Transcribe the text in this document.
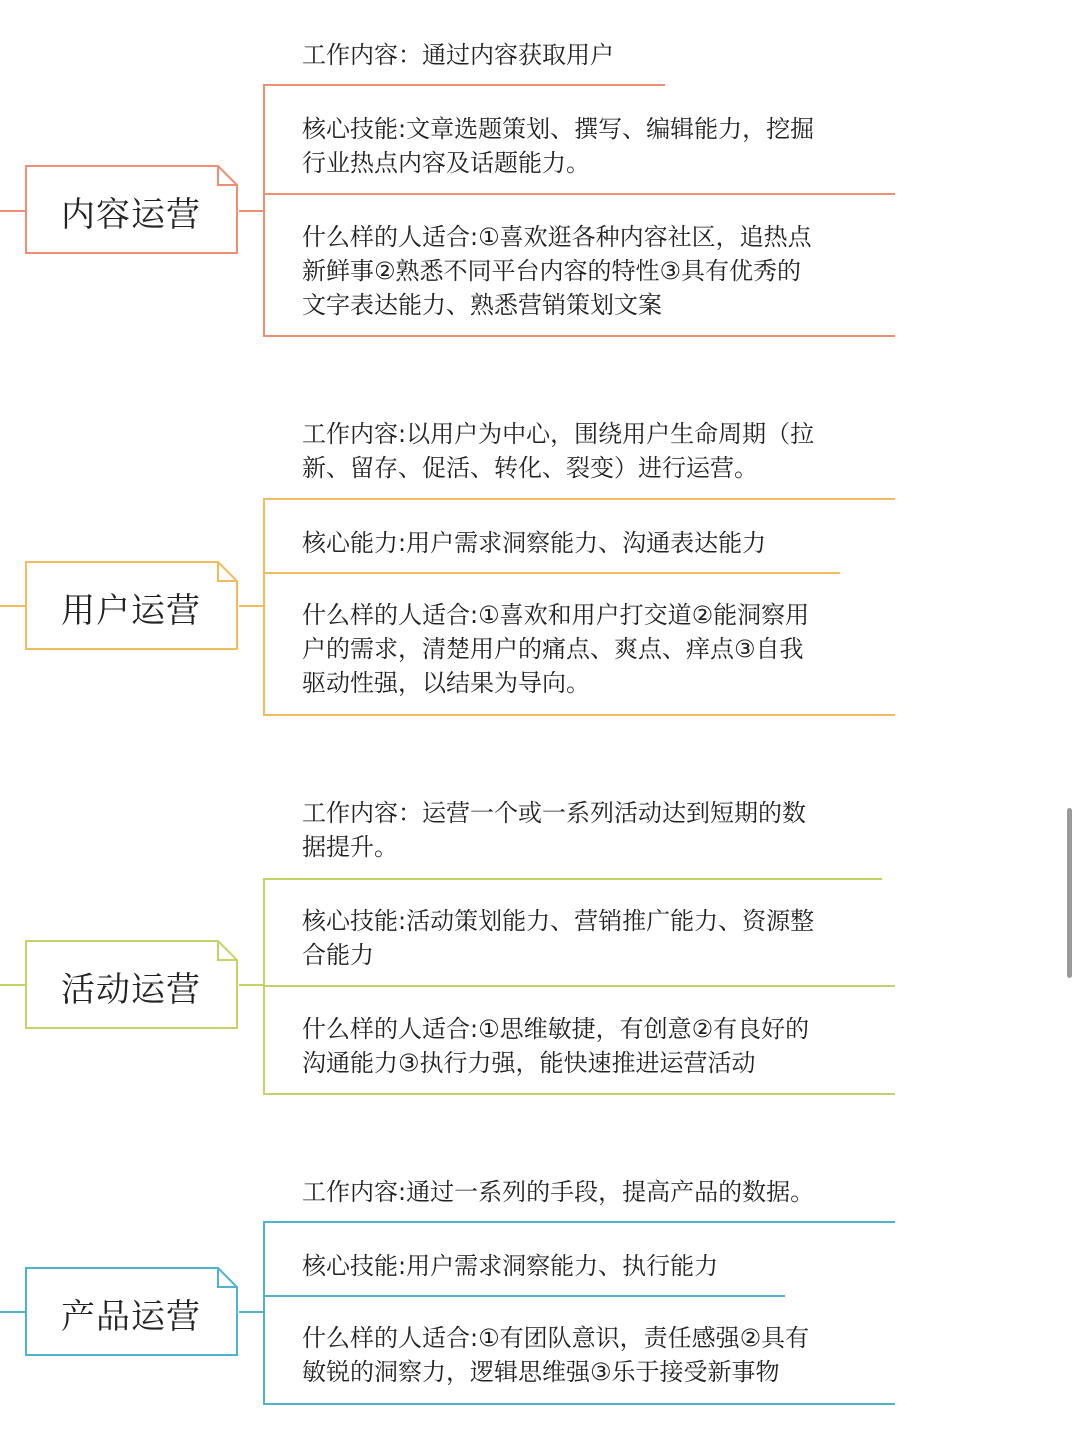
内容运营
工作内容：通过内容获取用户
核心技能:文章选题策划、撰写、编辑能力，挖掘
行业热点内容及话题能力。
什么样的人适合:①喜欢逛各种内容社区，追热点
新鲜事②熟悉不同平台内容的特性③具有优秀的
文字表达能力、熟悉营销策划文案
用户运营
工作内容:以用户为中心，围绕用户生命周期（拉
新、留存、促活、转化、裂变）进行运营。
核心能力:用户需求洞察能力、沟通表达能力
什么样的人适合:①喜欢和用户打交道②能洞察用
户的需求，清楚用户的痛点、爽点、痒点③自我
驱动性强，以结果为导向。
活动运营
工作内容：运营一个或一系列活动达到短期的数
据提升。
核心技能:活动策划能力、营销推广能力、资源整
合能力
什么样的人适合:①思维敏捷，有创意②有良好的
沟通能力③执行力强，能快速推进运营活动
产品运营
工作内容:通过一系列的手段，提高产品的数据。
核心技能:用户需求洞察能力、执行能力
什么样的人适合:①有团队意识，责任感强②具有
敏锐的洞察力，逻辑思维强③乐于接受新事物
